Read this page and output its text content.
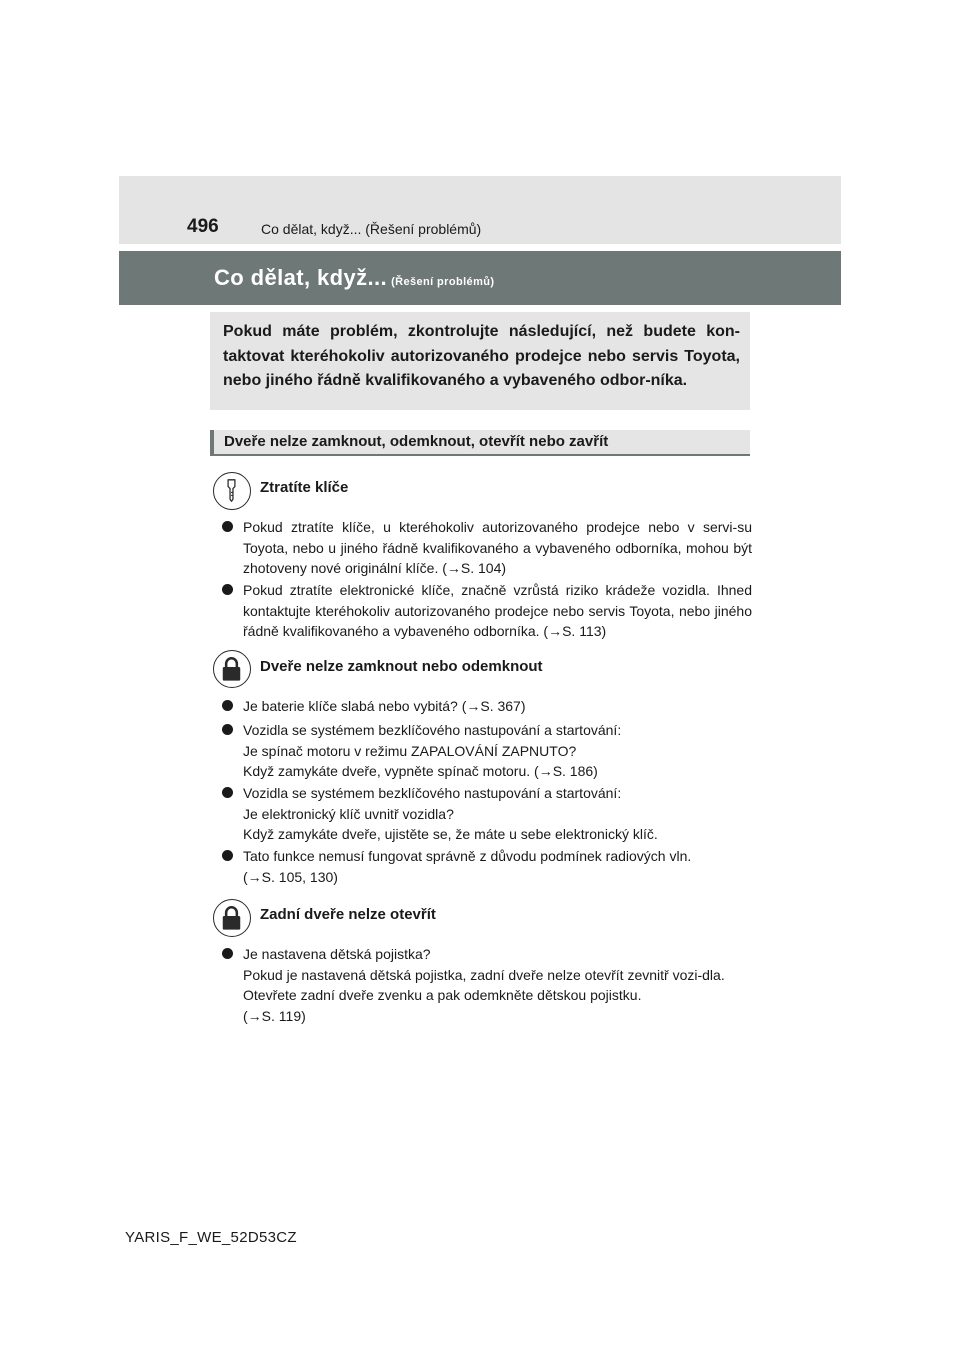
496	Co dělat, když... (Řešení problémů)
Co dělat, když... (Řešení problémů)

Pokud máte problém, zkontrolujte následující, než budete kon-taktovat kteréhokoliv autorizovaného prodejce nebo servis Toyota, nebo jiného řádně kvalifikovaného a vybaveného odbor-níka.

Dveře nelze zamknout, odemknout, otevřít nebo zavřít
Ztratíte klíče

Pokud ztratíte klíče, u kteréhokoliv autorizovaného prodejce nebo v servi-su Toyota, nebo u jiného řádně kvalifikovaného a vybaveného odborníka, mohou být zhotoveny nové originální klíče. (→S. 104)

Pokud ztratíte elektronické klíče, značně vzrůstá riziko krádeže vozidla. Ihned kontaktujte kteréhokoliv autorizovaného prodejce nebo servis Toyota, nebo jiného řádně kvalifikovaného a vybaveného odborníka. (→S. 113)

Dveře nelze zamknout nebo odemknout

Je baterie klíče slabá nebo vybitá? (→S. 367)

Vozidla se systémem bezklíčového nastupování a startování:
Je spínač motoru v režimu ZAPALOVÁNÍ ZAPNUTO?
Když zamykáte dveře, vypněte spínač motoru. (→S. 186)

Vozidla se systémem bezklíčového nastupování a startování:
Je elektronický klíč uvnitř vozidla?
Když zamykáte dveře, ujistěte se, že máte u sebe elektronický klíč.

Tato funkce nemusí fungovat správně z důvodu podmínek radiových vln.
(→S. 105, 130)

Zadní dveře nelze otevřít

Je nastavena dětská pojistka?
Pokud je nastavená dětská pojistka, zadní dveře nelze otevřít zevnitř vozi-dla. Otevřete zadní dveře zvenku a pak odemkněte dětskou pojistku.
(→S. 119)

YARIS_F_WE_52D53CZ
